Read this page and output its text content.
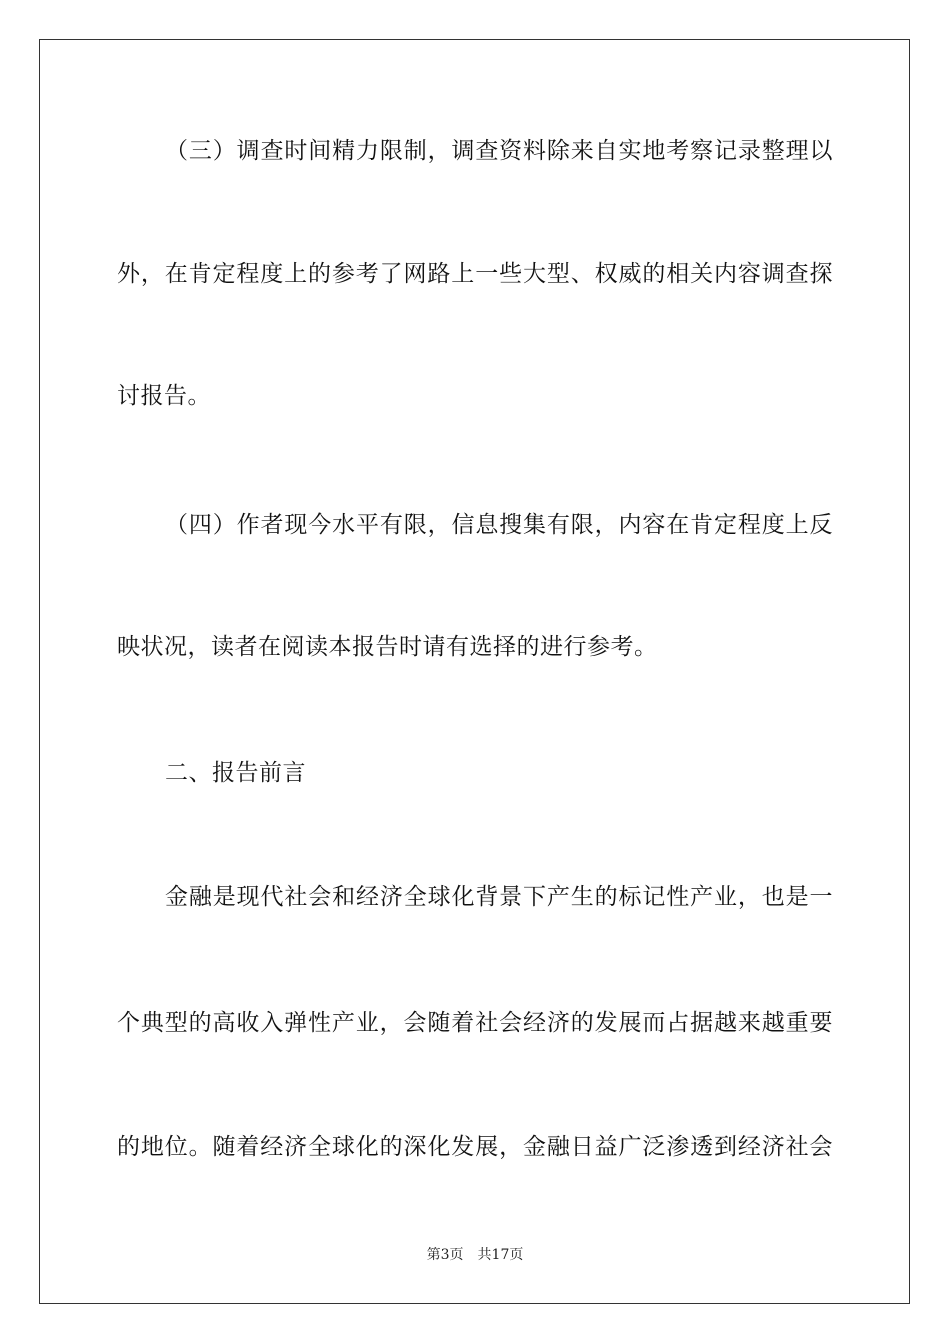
（三）调查时间精力限制，调查资料除来自实地考察记录整理以
外，在肯定程度上的参考了网路上一些大型、权威的相关内容调查探
讨报告。
（四）作者现今水平有限，信息搜集有限，内容在肯定程度上反
映状况，读者在阅读本报告时请有选择的进行参考。
二、报告前言
金融是现代社会和经济全球化背景下产生的标记性产业，也是一
个典型的高收入弹性产业，会随着社会经济的发展而占据越来越重要
的地位。随着经济全球化的深化发展，金融日益广泛渗透到经济社会
第3页 共17页
